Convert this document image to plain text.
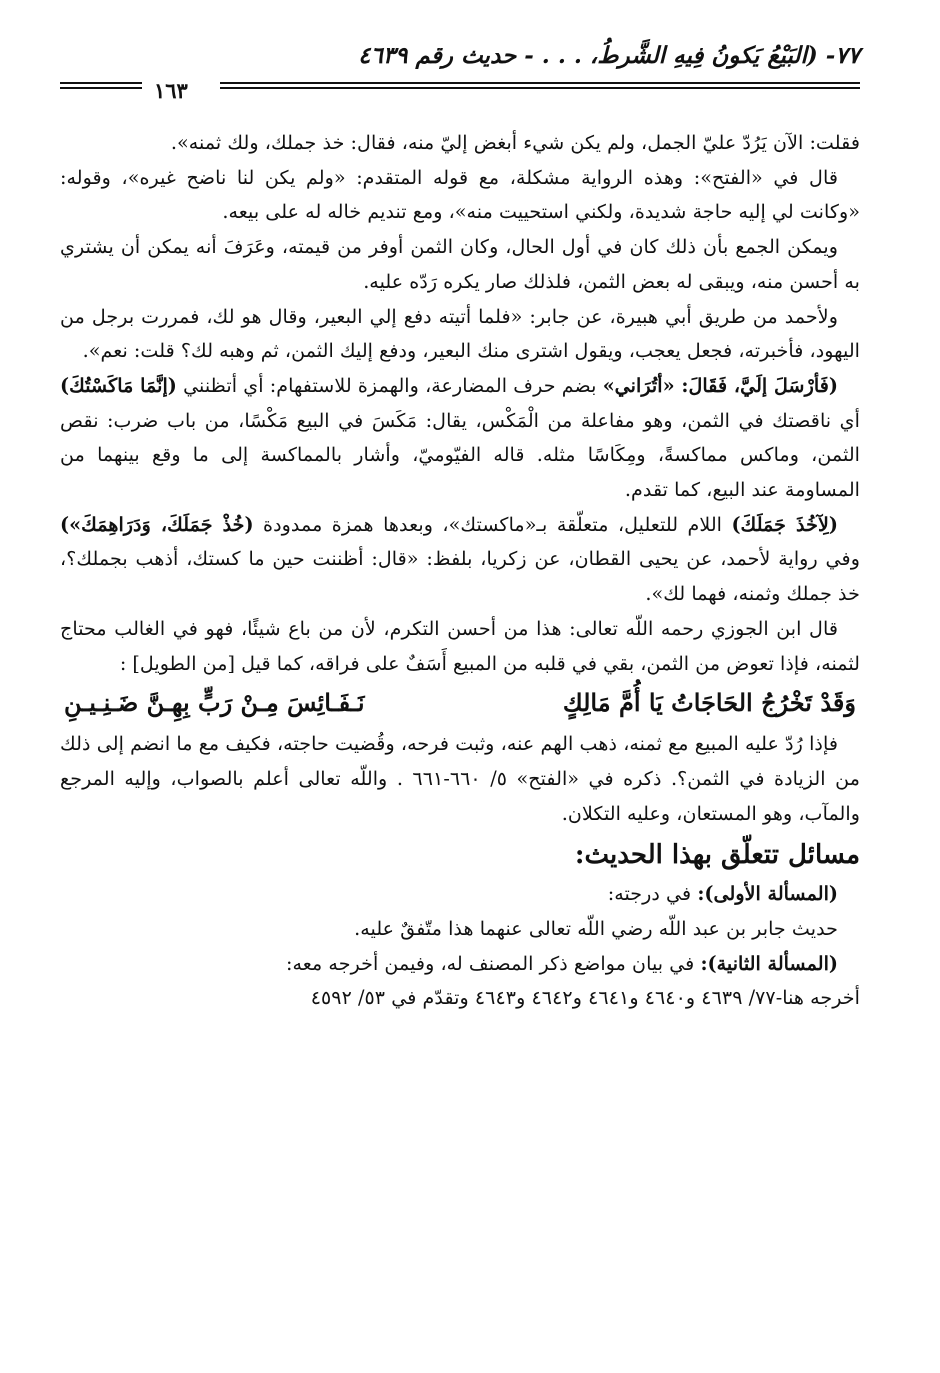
٧٧- (البَيْعُ يَكونُ فِيهِ الشَّرطُ، . . . - حديث رقم ٤٦٣٩
١٦٣

فقلت: الآن يَرُدّ عليّ الجمل، ولم يكن شيء أبغض إليّ منه، فقال: خذ جملك، ولك ثمنه».

قال في «الفتح»: وهذه الرواية مشكلة، مع قوله المتقدم: «ولم يكن لنا ناضح غيره»، وقوله: «وكانت لي إليه حاجة شديدة، ولكني استحييت منه»، ومع تنديم خاله له على بيعه.

ويمكن الجمع بأن ذلك كان في أول الحال، وكان الثمن أوفر من قيمته، وعَرَفَ أنه يمكن أن يشتري به أحسن منه، ويبقى له بعض الثمن، فلذلك صار يكره رَدّه عليه.

ولأحمد من طريق أبي هبيرة، عن جابر: «فلما أتيته دفع إلي البعير، وقال هو لك، فمررت برجل من اليهود، فأخبرته، فجعل يعجب، ويقول اشترى منك البعير، ودفع إليك الثمن، ثم وهبه لك؟ قلت: نعم».

(فَأرْسَلَ إلَيَّ، فَقَالَ: «أتُرَاني» بضم حرف المضارعة، والهمزة للاستفهام: أي أتظنني (إنَّمَا مَاكَسْتُكَ) أي ناقصتك في الثمن، وهو مفاعلة من الْمَكْس، يقال: مَكَسَ في البيع مَكْسًا، من باب ضرب: نقص الثمن، وماكس مماكسةً، ومِكَاسًا مثله. قاله الفيّوميّ، وأشار بالمماكسة إلى ما وقع بينهما من المساومة عند البيع، كما تقدم.

(لِآخُذَ جَمَلَكَ) اللام للتعليل، متعلّقة بـ«ماكستك»، وبعدها همزة ممدودة (خُذْ جَمَلَكَ، وَدَرَاهِمَكَ») وفي رواية لأحمد، عن يحيى القطان، عن زكريا، بلفظ: «قال: أظننت حين ما كستك، أذهب بجملك؟، خذ جملك وثمنه، فهما لك».

قال ابن الجوزي رحمه اللّه تعالى: هذا من أحسن التكرم، لأن من باع شيئًا، فهو في الغالب محتاج لثمنه، فإذا تعوض من الثمن، بقي في قلبه من المبيع أَسَفٌ على فراقه، كما قيل [من الطويل] :

وَقَدْ تَخْرُجُ الحَاجَاتُ يَا أُمَّ مَالِكٍ
نَـفَـائِسَ مِـنْ رَبٍّ بِهِـنَّ ضَـنِـيـنِ

فإذا رُدّ عليه المبيع مع ثمنه، ذهب الهم عنه، وثبت فرحه، وقُضيت حاجته، فكيف مع ما انضم إلى ذلك من الزيادة في الثمن؟. ذكره في «الفتح» ٥/ ٦٦٠-٦٦١ . واللّه تعالى أعلم بالصواب، وإليه المرجع والمآب، وهو المستعان، وعليه التكلان.

مسائل تتعلّق بهذا الحديث:

(المسألة الأولى): في درجته:

حديث جابر بن عبد اللّه رضي اللّه تعالى عنهما هذا متّفقٌ عليه.

(المسألة الثانية): في بيان مواضع ذكر المصنف له، وفيمن أخرجه معه:

أخرجه هنا-٧٧/ ٤٦٣٩ و٤٦٤٠ و٤٦٤١ و٤٦٤٢ و٤٦٤٣ وتقدّم في ٥٣/ ٤٥٩٢
